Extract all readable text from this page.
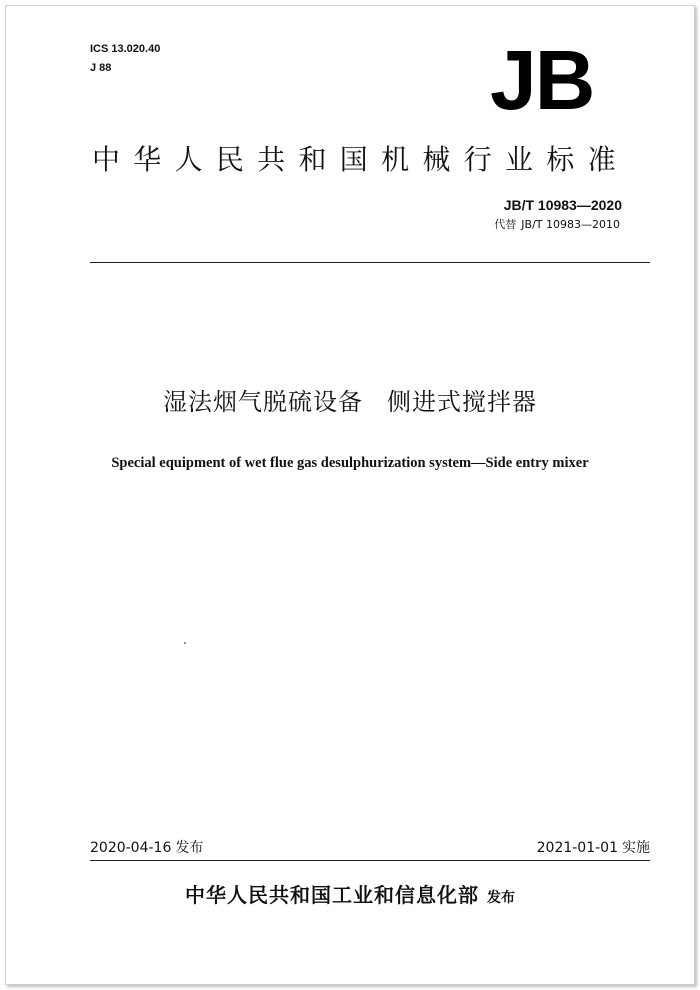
ICS 13.020.40
J 88	JB
中华人民共和国机械行业标准
JB/T 10983—2020
代替 JB/T 10983—2010
湿法烟气脱硫设备 侧进式搅拌器
Special equipment of wet flue gas desulphurization system—Side entry mixer
2020-04-16 发布	2021-01-01 实施
中华人民共和国工业和信息化部 发布
